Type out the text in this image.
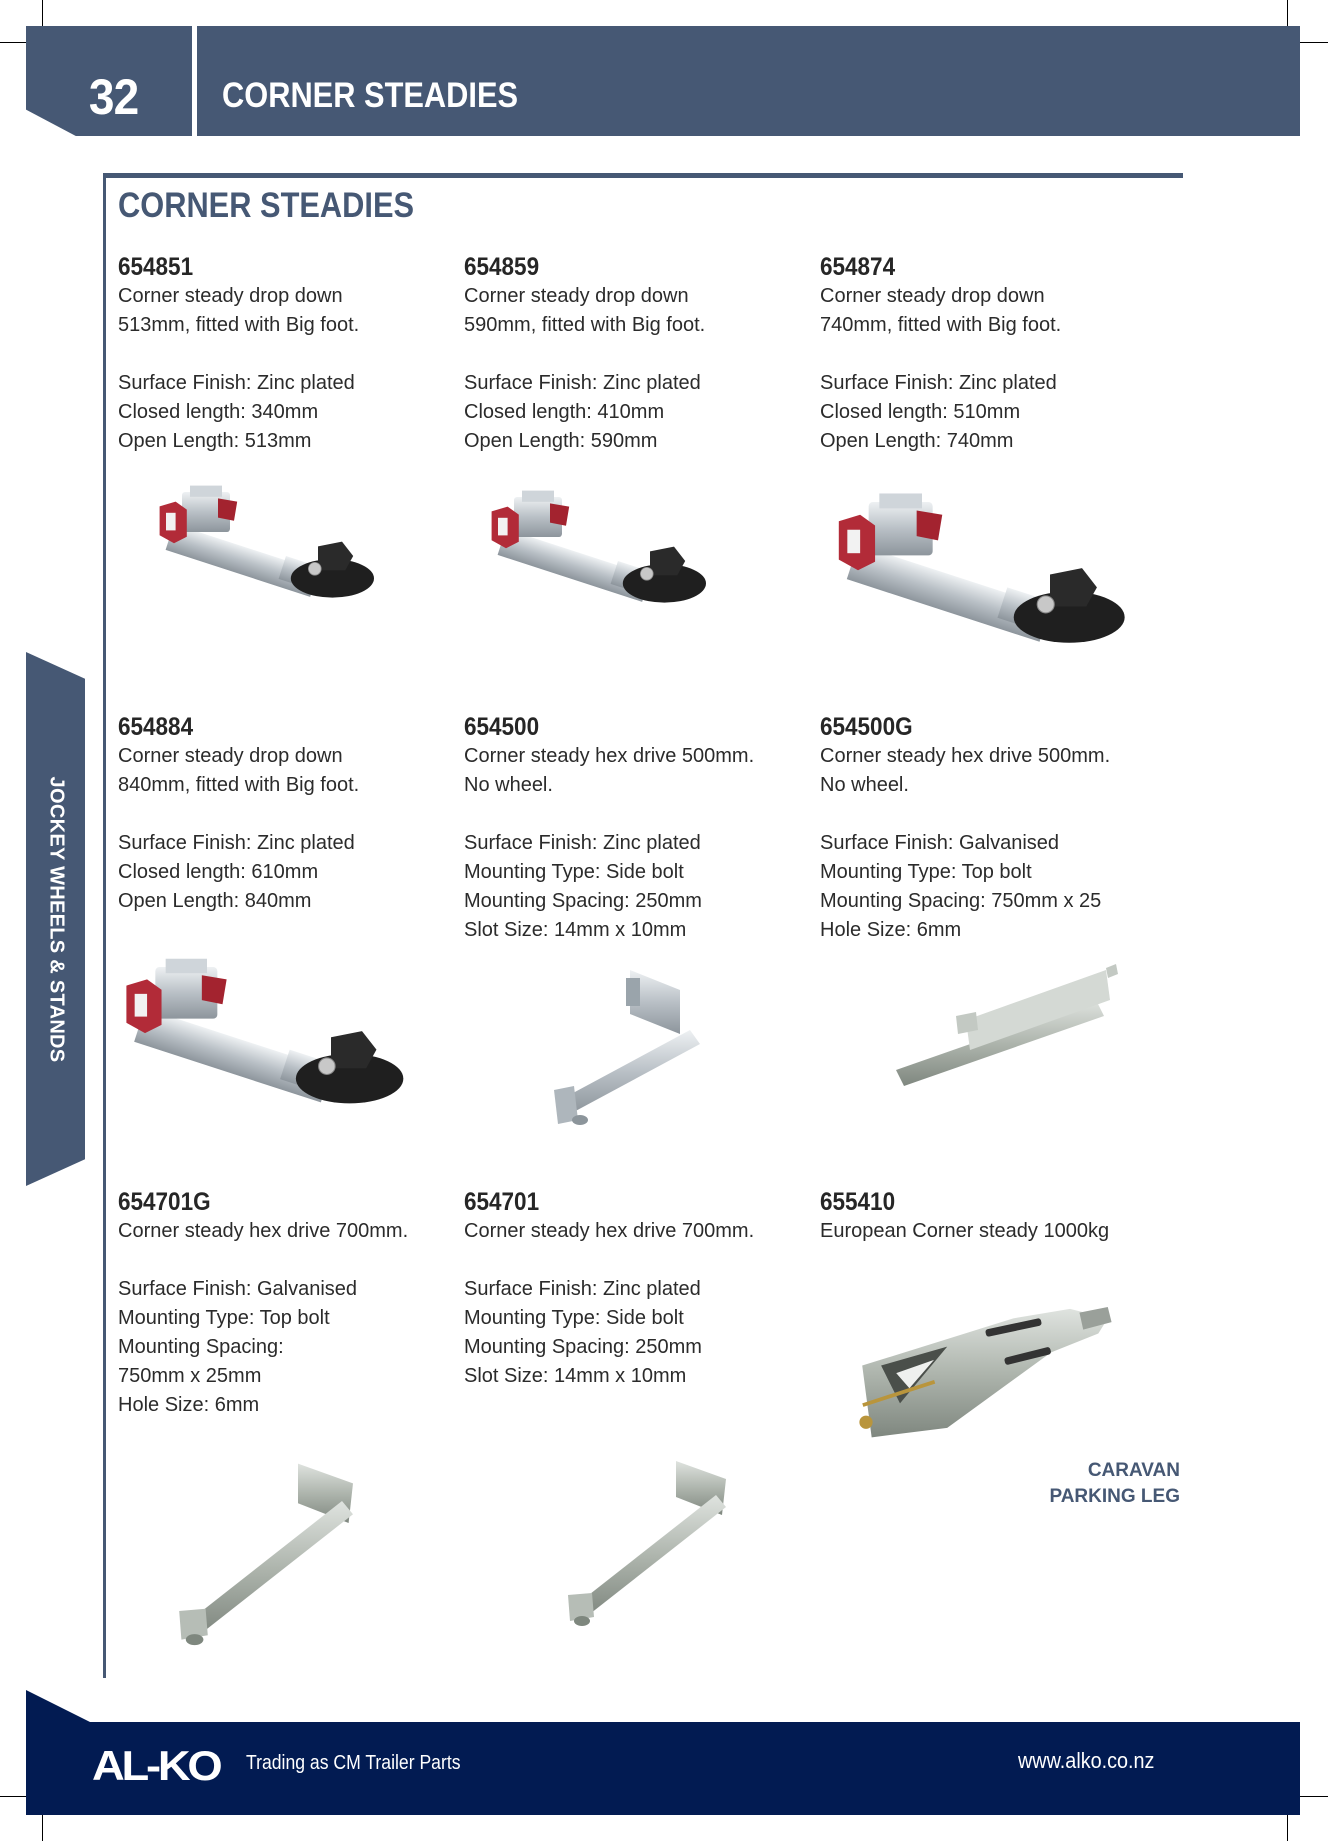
32	CORNER STEADIES
CORNER STEADIES
JOCKEY WHEELS & STANDS
654851
Corner steady drop down
513mm, fitted with Big foot.
Surface Finish: Zinc plated
Closed length: 340mm
Open Length: 513mm
654859
Corner steady drop down
590mm, fitted with Big foot.
Surface Finish: Zinc plated
Closed length: 410mm
Open Length: 590mm
654874
Corner steady drop down
740mm, fitted with Big foot.
Surface Finish: Zinc plated
Closed length: 510mm
Open Length: 740mm
654884
Corner steady drop down
840mm, fitted with Big foot.
Surface Finish: Zinc plated
Closed length: 610mm
Open Length: 840mm
654500
Corner steady hex drive 500mm.
No wheel.
Surface Finish: Zinc plated
Mounting Type: Side bolt
Mounting Spacing: 250mm
Slot Size: 14mm x 10mm
654500G
Corner steady hex drive 500mm.
No wheel.
Surface Finish: Galvanised
Mounting Type: Top bolt
Mounting Spacing: 750mm x 25
Hole Size: 6mm
654701G
Corner steady hex drive 700mm.
Surface Finish: Galvanised
Mounting Type: Top bolt
Mounting Spacing:
750mm x 25mm
Hole Size: 6mm
654701
Corner steady hex drive 700mm.
Surface Finish: Zinc plated
Mounting Type: Side bolt
Mounting Spacing: 250mm
Slot Size: 14mm x 10mm
655410
European Corner steady 1000kg
CARAVAN
PARKING LEG
AL-KO Trading as CM Trailer Parts	www.alko.co.nz
